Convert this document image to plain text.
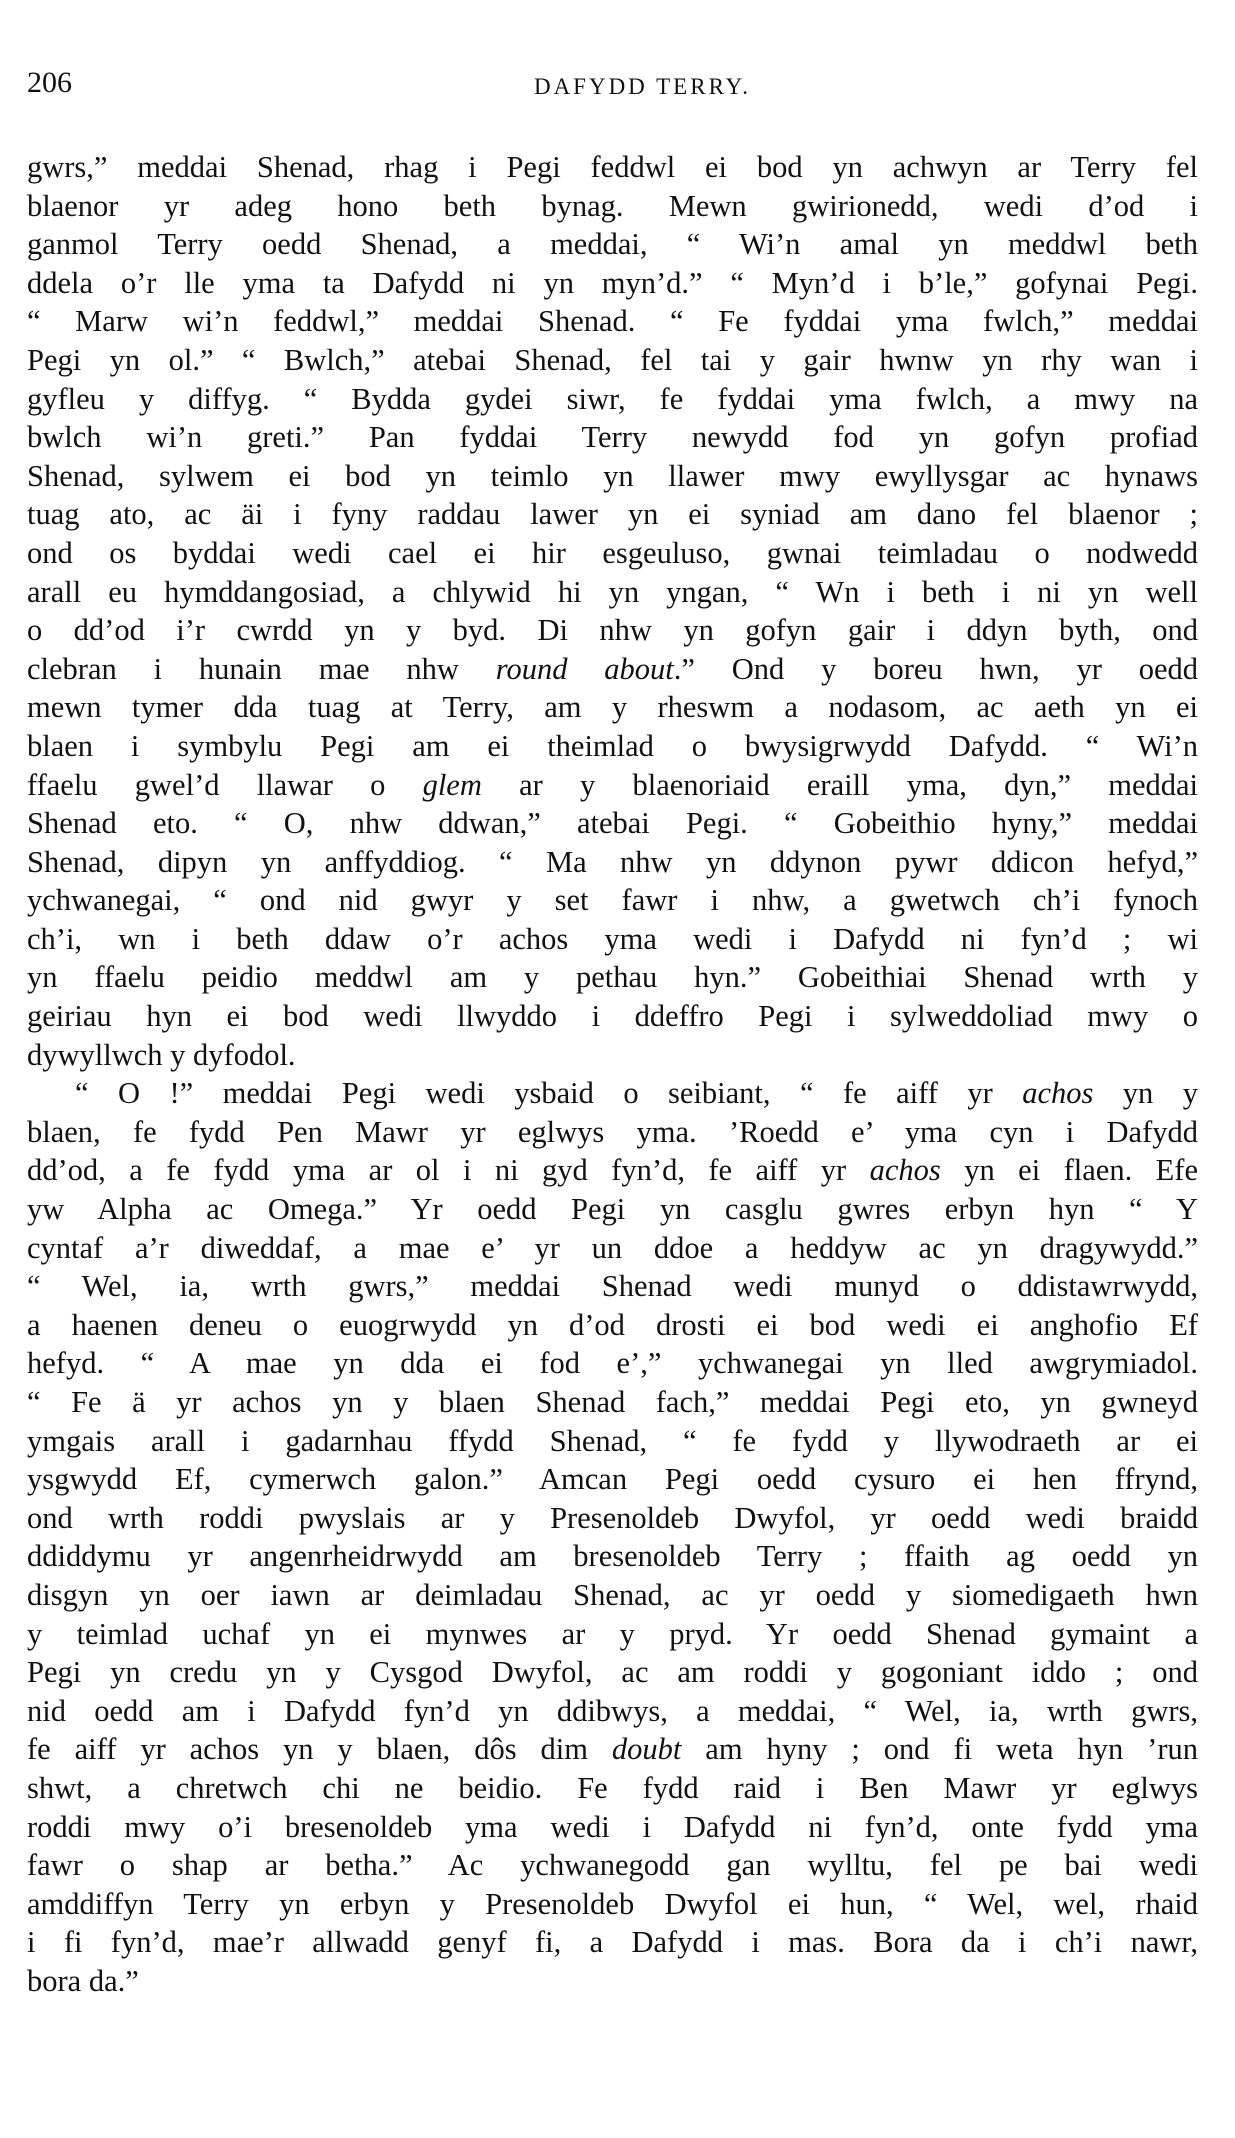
206	DAFYDD TERRY.
gwrs,” meddai Shenad, rhag i Pegi feddwl ei bod yn achwyn ar Terry fel
blaenor yr adeg hono beth bynag. Mewn gwirionedd, wedi d’od i
ganmol Terry oedd Shenad, a meddai, “ Wi’n amal yn meddwl beth
ddela o’r lle yma ta Dafydd ni yn myn’d.” “ Myn’d i b’le,” gofynai Pegi.
“ Marw wi’n feddwl,” meddai Shenad. “ Fe fyddai yma fwlch,” meddai
Pegi yn ol.” “ Bwlch,” atebai Shenad, fel tai y gair hwnw yn rhy wan i
gyfleu y diffyg. “ Bydda gydei siwr, fe fyddai yma fwlch, a mwy na
bwlch wi’n greti.” Pan fyddai Terry newydd fod yn gofyn profiad
Shenad, sylwem ei bod yn teimlo yn llawer mwy ewyllysgar ac hynaws
tuag ato, ac äi i fyny raddau lawer yn ei syniad am dano fel blaenor ;
ond os byddai wedi cael ei hir esgeuluso, gwnai teimladau o nodwedd
arall eu hymddangosiad, a chlywid hi yn yngan, “ Wn i beth i ni yn well
o dd’od i’r cwrdd yn y byd. Di nhw yn gofyn gair i ddyn byth, ond
clebran i hunain mae nhw round about.” Ond y boreu hwn, yr oedd
mewn tymer dda tuag at Terry, am y rheswm a nodasom, ac aeth yn ei
blaen i symbylu Pegi am ei theimlad o bwysigrwydd Dafydd. “ Wi’n
ffaelu gwel’d llawar o glem ar y blaenoriaid eraill yma, dyn,” meddai
Shenad eto. “ O, nhw ddwan,” atebai Pegi. “ Gobeithio hyny,” meddai
Shenad, dipyn yn anffyddiog. “ Ma nhw yn ddynon pywr ddicon hefyd,”
ychwanegai, “ ond nid gwyr y set fawr i nhw, a gwetwch ch’i fynoch
ch’i, wn i beth ddaw o’r achos yma wedi i Dafydd ni fyn’d ; wi
yn ffaelu peidio meddwl am y pethau hyn.” Gobeithiai Shenad wrth y
geiriau hyn ei bod wedi llwyddo i ddeffro Pegi i sylweddoliad mwy o
dywyllwch y dyfodol.
“ O !” meddai Pegi wedi ysbaid o seibiant, “ fe aiff yr achos yn y
blaen, fe fydd Pen Mawr yr eglwys yma. ’Roedd e’ yma cyn i Dafydd
dd’od, a fe fydd yma ar ol i ni gyd fyn’d, fe aiff yr achos yn ei flaen. Efe
yw Alpha ac Omega.” Yr oedd Pegi yn casglu gwres erbyn hyn “ Y
cyntaf a’r diweddaf, a mae e’ yr un ddoe a heddyw ac yn dragywydd.”
“ Wel, ia, wrth gwrs,” meddai Shenad wedi munyd o ddistawrwydd,
a haenen deneu o euogrwydd yn d’od drosti ei bod wedi ei anghofio Ef
hefyd. “ A mae yn dda ei fod e’,” ychwanegai yn lled awgrymiadol.
“ Fe ä yr achos yn y blaen Shenad fach,” meddai Pegi eto, yn gwneyd
ymgais arall i gadarnhau ffydd Shenad, “ fe fydd y llywodraeth ar ei
ysgwydd Ef, cymerwch galon.” Amcan Pegi oedd cysuro ei hen ffrynd,
ond wrth roddi pwyslais ar y Presenoldeb Dwyfol, yr oedd wedi braidd
ddiddymu yr angenrheidrwydd am bresenoldeb Terry ; ffaith ag oedd yn
disgyn yn oer iawn ar deimladau Shenad, ac yr oedd y siomedigaeth hwn
y teimlad uchaf yn ei mynwes ar y pryd. Yr oedd Shenad gymaint a
Pegi yn credu yn y Cysgod Dwyfol, ac am roddi y gogoniant iddo ; ond
nid oedd am i Dafydd fyn’d yn ddibwys, a meddai, “ Wel, ia, wrth gwrs,
fe aiff yr achos yn y blaen, dôs dim doubt am hyny ; ond fi weta hyn ’run
shwt, a chretwch chi ne beidio. Fe fydd raid i Ben Mawr yr eglwys
roddi mwy o’i bresenoldeb yma wedi i Dafydd ni fyn’d, onte fydd yma
fawr o shap ar betha.” Ac ychwanegodd gan wylltu, fel pe bai wedi
amddiffyn Terry yn erbyn y Presenoldeb Dwyfol ei hun, “ Wel, wel, rhaid
i fi fyn’d, mae’r allwadd genyf fi, a Dafydd i mas. Bora da i ch’i nawr,
bora da.”
